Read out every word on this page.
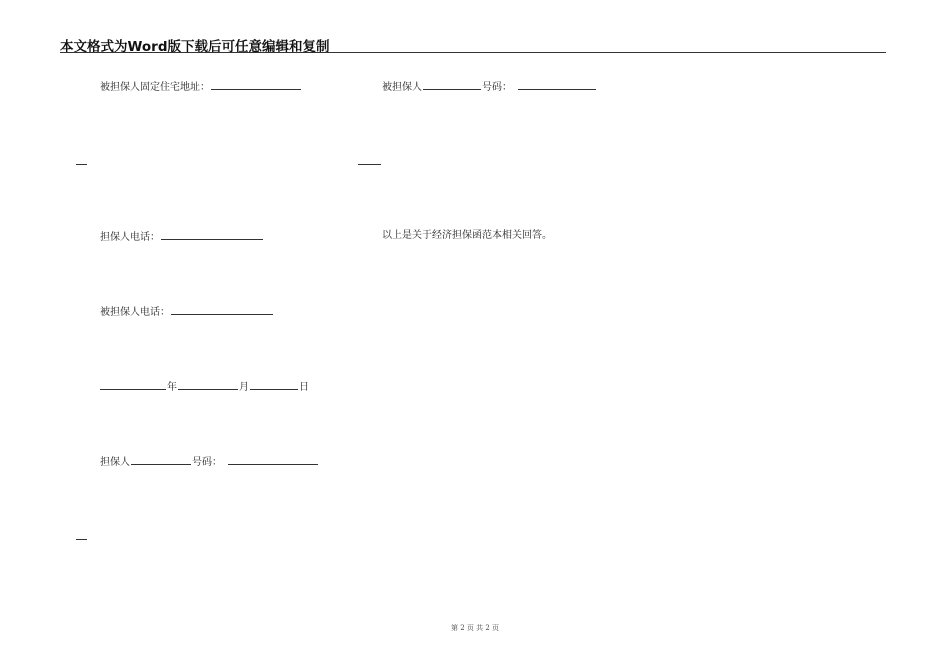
本文格式为Word版下载后可任意编辑和复制
被担保人固定住宅地址：	被担保人	号码：
担保人电话：	以上是关于经济担保函范本相关回答。
被担保人电话：
年	月	日
担保人	号码：
第 2 页 共 2 页
